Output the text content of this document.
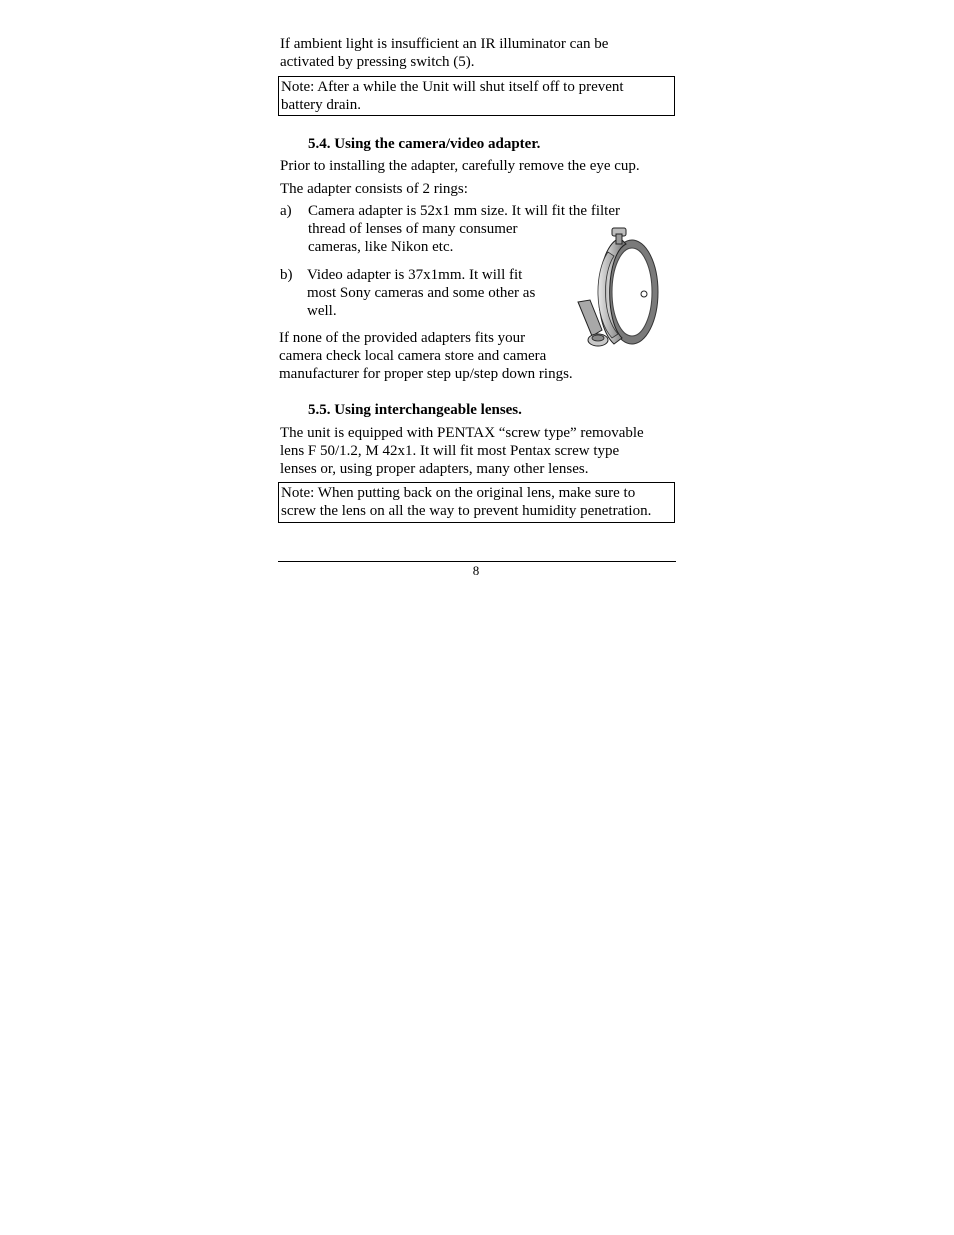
If ambient light is insufficient an IR illuminator can be
activated by pressing switch (5).
Note: After a while the Unit will shut itself off to prevent
battery drain.
5.4. Using the camera/video adapter.
Prior to installing the adapter, carefully remove the eye cup.
The adapter consists of 2 rings:
a) Camera adapter is 52x1 mm size. It will fit the filter
thread of lenses of many consumer
cameras, like Nikon etc.
b) Video adapter is 37x1mm. It will fit
most Sony cameras and some other as
well.
If none of the provided adapters fits your
camera check local camera store and camera
manufacturer for proper step up/step down rings.
5.5. Using interchangeable lenses.
The unit is equipped with PENTAX “screw type” removable
lens F 50/1.2, M 42x1. It will fit most Pentax screw type
lenses or, using proper adapters, many other lenses.
Note: When putting back on the original lens, make sure to
screw the lens on all the way to prevent humidity penetration.
8
